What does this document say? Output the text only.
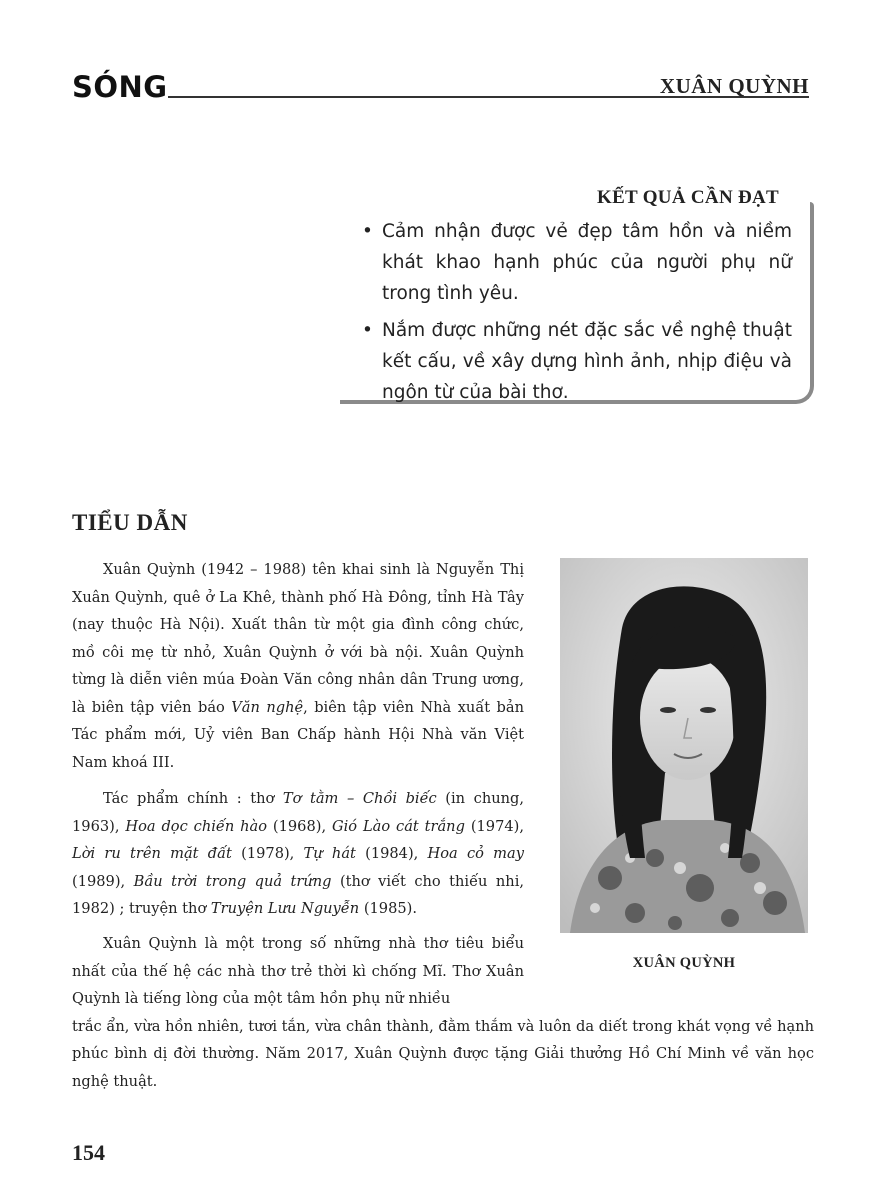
SÓNG	XUÂN QUỲNH
KẾT QUẢ CẦN ĐẠT
• Cảm nhận được vẻ đẹp tâm hồn và niềm khát khao hạnh phúc của người phụ nữ trong tình yêu.
• Nắm được những nét đặc sắc về nghệ thuật kết cấu, về xây dựng hình ảnh, nhịp điệu và ngôn từ của bài thơ.
TIỂU DẪN

Xuân Quỳnh (1942 – 1988) tên khai sinh là Nguyễn Thị Xuân Quỳnh, quê ở La Khê, thành phố Hà Đông, tỉnh Hà Tây (nay thuộc Hà Nội). Xuất thân từ một gia đình công chức, mồ côi mẹ từ nhỏ, Xuân Quỳnh ở với bà nội. Xuân Quỳnh từng là diễn viên múa Đoàn Văn công nhân dân Trung ương, là biên tập viên báo Văn nghệ, biên tập viên Nhà xuất bản Tác phẩm mới, Uỷ viên Ban Chấp hành Hội Nhà văn Việt Nam khoá III.

Tác phẩm chính : thơ Tơ tằm – Chồi biếc (in chung, 1963), Hoa dọc chiến hào (1968), Gió Lào cát trắng (1974), Lời ru trên mặt đất (1978), Tự hát (1984), Hoa cỏ may (1989), Bầu trời trong quả trứng (thơ viết cho thiếu nhi, 1982) ; truyện thơ Truyện Lưu Nguyễn (1985).

Xuân Quỳnh là một trong số những nhà thơ tiêu biểu nhất của thế hệ các nhà thơ trẻ thời kì chống Mĩ. Thơ Xuân Quỳnh là tiếng lòng của một tâm hồn phụ nữ nhiều
trắc ẩn, vừa hồn nhiên, tươi tắn, vừa chân thành, đằm thắm và luôn da diết trong khát vọng về hạnh phúc bình dị đời thường. Năm 2017, Xuân Quỳnh được tặng Giải thưởng Hồ Chí Minh về văn học nghệ thuật.

XUÂN QUỲNH
154
